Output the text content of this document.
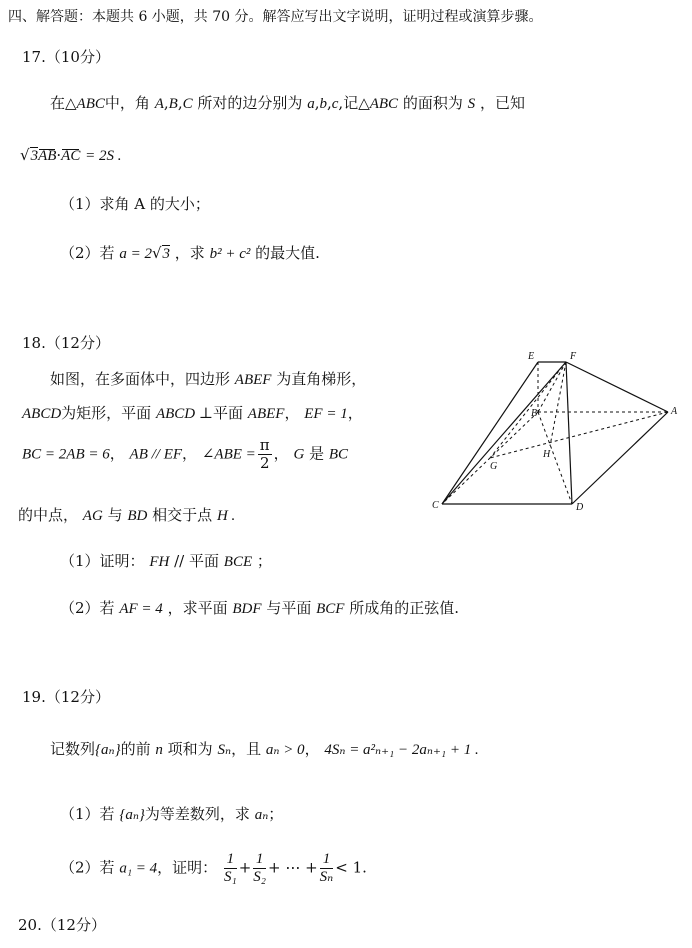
四、解答题：本题共 6 小题，共 70 分。解答应写出文字说明，证明过程或演算步骤。
17.（10分）
在△ABC中，角 A,B,C 所对的边分别为 a,b,c,记△ABC 的面积为 S ，已知
√3AB·AC = 2S .
（1）求角 A 的大小；
（2）若 a = 2√3 ，求 b² + c² 的最大值.
18.（12分）
如图，在多面体中，四边形 ABEF 为直角梯形，
ABCD为矩形，平面 ABCD ⊥平面 ABEF， EF = 1，
BC = 2AB = 6， AB // EF， ∠ABE = $\frac{\pi}{2}$ ， G 是 BC
的中点， AG 与 BD 相交于点 H .
（1）证明： FH // 平面 BCE ；
（2）若 AF = 4 ，求平面 BDF 与平面 BCF 所成角的正弦值.
E	F
B	A
H
G
C	D
19.（12分）
记数列{aₙ}的前 n 项和为 Sₙ，且 aₙ > 0， 4Sₙ = a²ₙ₊₁ − 2aₙ₊₁ + 1 .
（1）若 {aₙ}为等差数列，求 aₙ；
（2）若 a₁ = 4，证明： $\frac{1}{\text{S₁}} + \frac{1}{\text{S₂}}$ + ⋯ + $\frac{1}{\text{Sₙ}} < 1$.
20.（12分）
